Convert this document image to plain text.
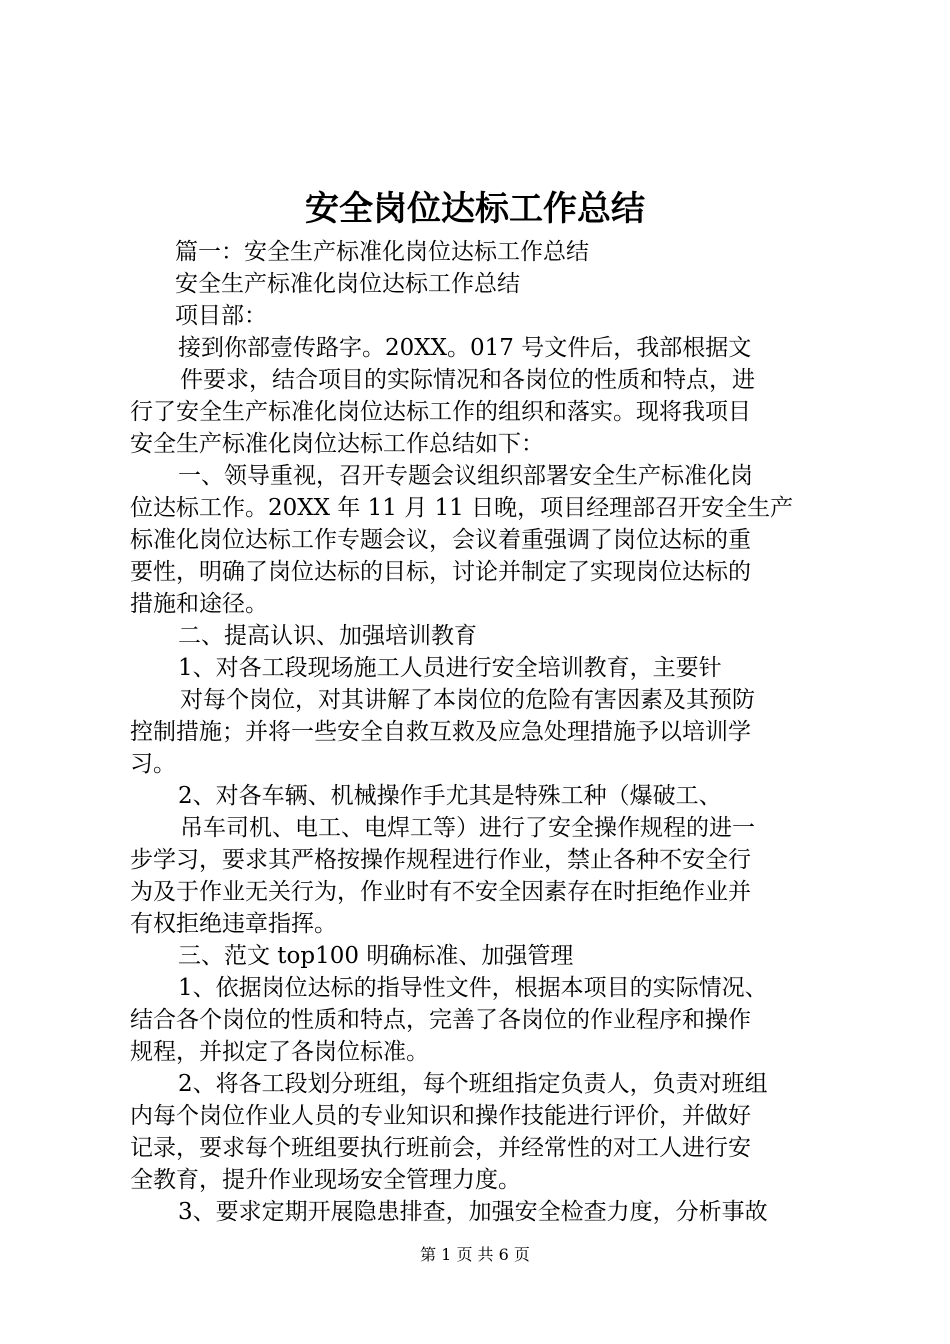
安全岗位达标工作总结
篇一：安全生产标准化岗位达标工作总结
安全生产标准化岗位达标工作总结
项目部：
接到你部壹传路字。20XX。017 号文件后，我部根据文
件要求，结合项目的实际情况和各岗位的性质和特点，进
行了安全生产标准化岗位达标工作的组织和落实。现将我项目
安全生产标准化岗位达标工作总结如下：
一、领导重视，召开专题会议组织部署安全生产标准化岗
位达标工作。20XX 年 11 月 11 日晚，项目经理部召开安全生产
标准化岗位达标工作专题会议，会议着重强调了岗位达标的重
要性，明确了岗位达标的目标，讨论并制定了实现岗位达标的
措施和途径。
二、提高认识、加强培训教育
1、对各工段现场施工人员进行安全培训教育，主要针
对每个岗位，对其讲解了本岗位的危险有害因素及其预防
控制措施；并将一些安全自救互救及应急处理措施予以培训学
习。
2、对各车辆、机械操作手尤其是特殊工种（爆破工、
吊车司机、电工、电焊工等）进行了安全操作规程的进一
步学习，要求其严格按操作规程进行作业，禁止各种不安全行
为及于作业无关行为，作业时有不安全因素存在时拒绝作业并
有权拒绝违章指挥。
三、范文 top100 明确标准、加强管理
1、依据岗位达标的指导性文件，根据本项目的实际情况、
结合各个岗位的性质和特点，完善了各岗位的作业程序和操作
规程，并拟定了各岗位标准。
2、将各工段划分班组，每个班组指定负责人，负责对班组
内每个岗位作业人员的专业知识和操作技能进行评价，并做好
记录，要求每个班组要执行班前会，并经常性的对工人进行安
全教育，提升作业现场安全管理力度。
3、要求定期开展隐患排查，加强安全检查力度，分析事故
第 1 页 共 6 页
